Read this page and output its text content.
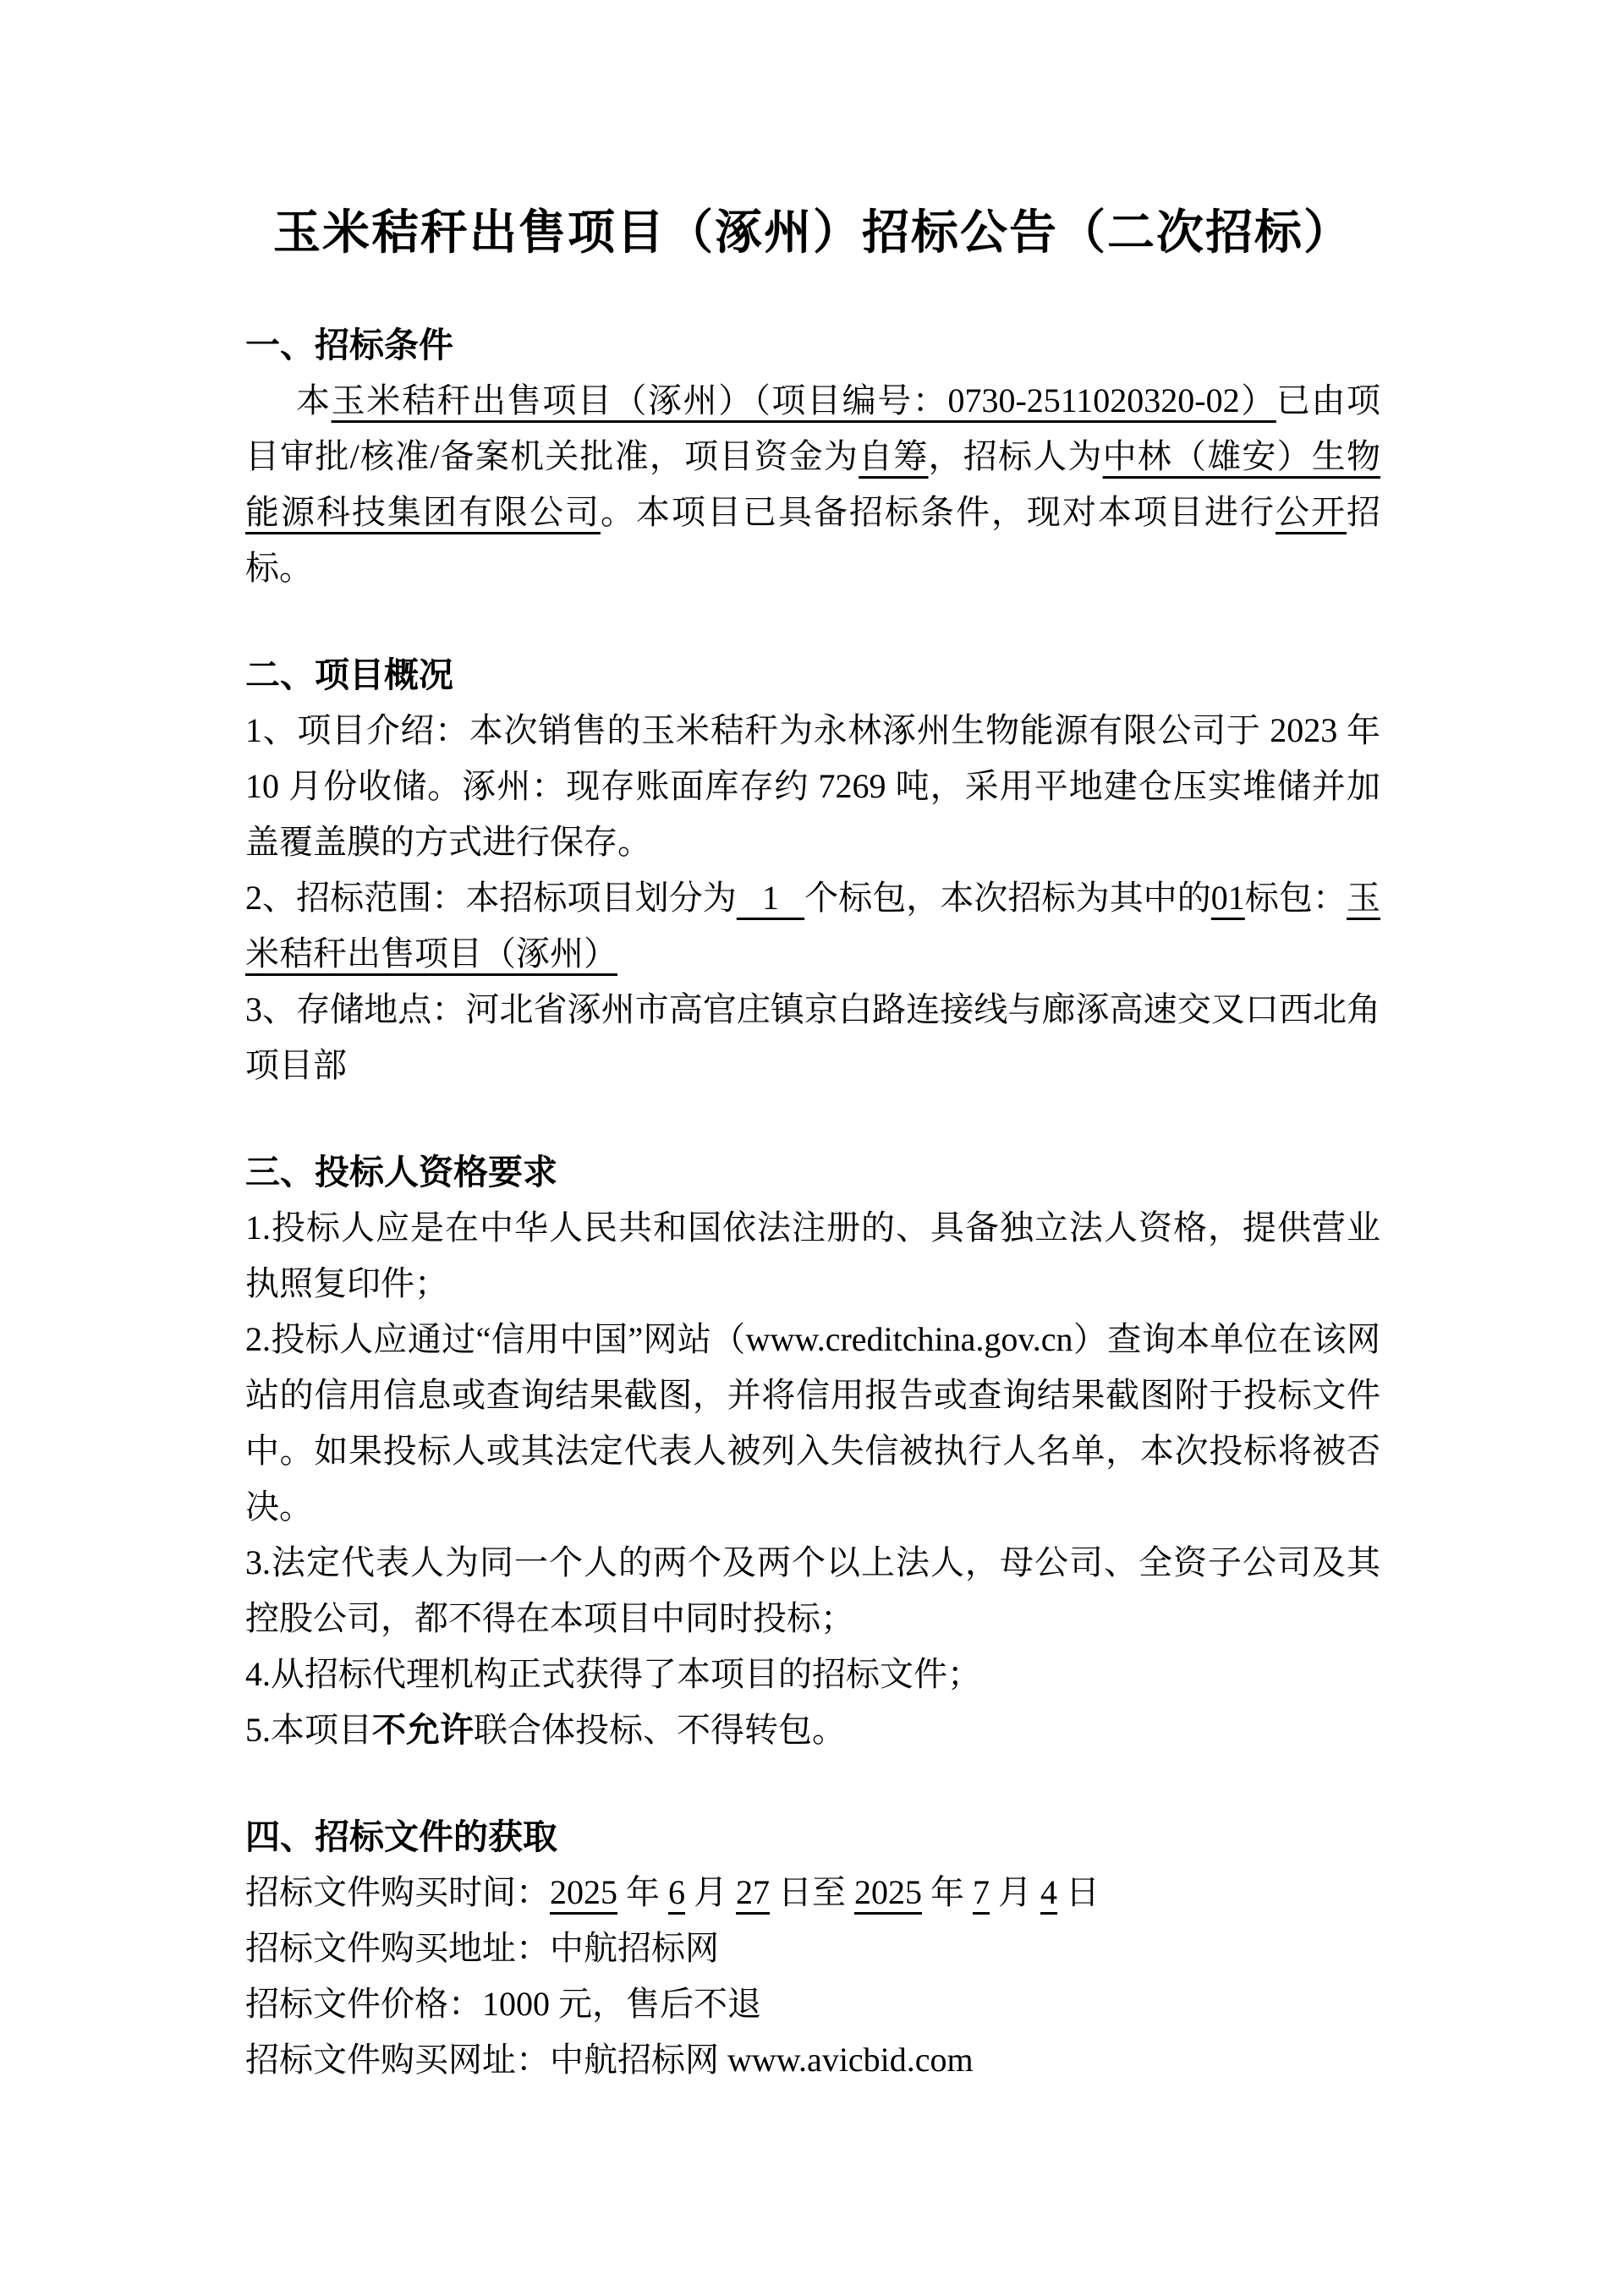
玉米秸秆出售项目（涿州）招标公告（二次招标）
一、招标条件

本玉米秸秆出售项目（涿州）（项目编号：0730-2511020320-02）已由项目审批/核准/备案机关批准，项目资金为自筹，招标人为中林（雄安）生物能源科技集团有限公司。本项目已具备招标条件，现对本项目进行公开招标。

二、项目概况

1、项目介绍：本次销售的玉米秸秆为永林涿州生物能源有限公司于 2023 年 10 月份收储。涿州：现存账面库存约 7269 吨，采用平地建仓压实堆储并加盖覆盖膜的方式进行保存。

2、招标范围：本招标项目划分为   1   个标包，本次招标为其中的01标包：玉米秸秆出售项目（涿州）

3、存储地点：河北省涿州市高官庄镇京白路连接线与廊涿高速交叉口西北角项目部

三、投标人资格要求

1.投标人应是在中华人民共和国依法注册的、具备独立法人资格，提供营业执照复印件；

2.投标人应通过“信用中国”网站（www.creditchina.gov.cn）查询本单位在该网站的信用信息或查询结果截图，并将信用报告或查询结果截图附于投标文件中。如果投标人或其法定代表人被列入失信被执行人名单，本次投标将被否决。

3.法定代表人为同一个人的两个及两个以上法人，母公司、全资子公司及其控股公司，都不得在本项目中同时投标；

4.从招标代理机构正式获得了本项目的招标文件；

5.本项目不允许联合体投标、不得转包。

四、招标文件的获取

招标文件购买时间：2025 年 6 月 27 日至 2025 年 7 月 4 日

招标文件购买地址：中航招标网

招标文件价格：1000 元，售后不退

招标文件购买网址：中航招标网 www.avicbid.com
